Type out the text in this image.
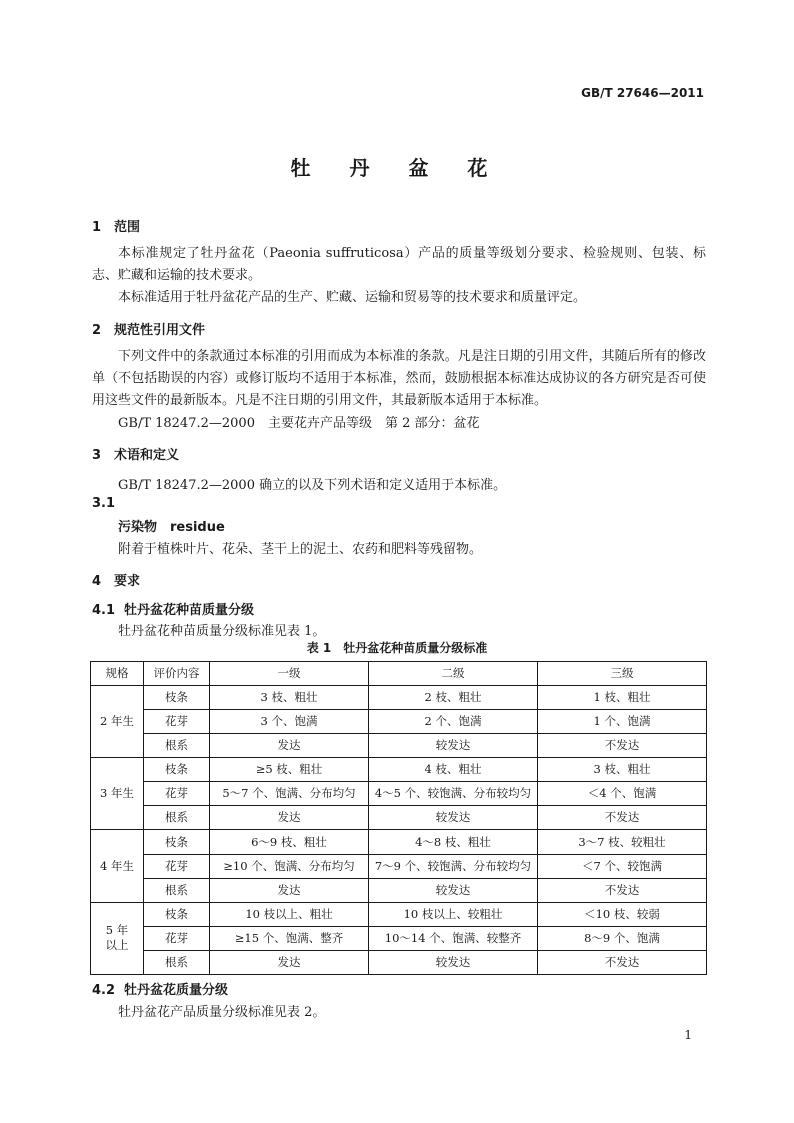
GB/T 27646—2011
牡 丹 盆 花
1 范围
本标准规定了牡丹盆花（Paeonia suffruticosa）产品的质量等级划分要求、检验规则、包装、标志、贮藏和运输的技术要求。
本标准适用于牡丹盆花产品的生产、贮藏、运输和贸易等的技术要求和质量评定。
2 规范性引用文件
下列文件中的条款通过本标准的引用而成为本标准的条款。凡是注日期的引用文件，其随后所有的修改单（不包括勘误的内容）或修订版均不适用于本标准，然而，鼓励根据本标准达成协议的各方研究是否可使用这些文件的最新版本。凡是不注日期的引用文件，其最新版本适用于本标准。
GB/T 18247.2—2000　主要花卉产品等级　第 2 部分：盆花
3 术语和定义
GB/T 18247.2—2000 确立的以及下列术语和定义适用于本标准。
3.1
污染物　residue
附着于植株叶片、花朵、茎干上的泥土、农药和肥料等残留物。
4 要求
4.1 牡丹盆花种苗质量分级
牡丹盆花种苗质量分级标准见表 1。
表 1　牡丹盆花种苗质量分级标准
规格	评价内容	一级	二级	三级
2 年生	枝条	3 枝、粗壮	2 枝、粗壮	1 枝、粗壮
	花芽	3 个、饱满	2 个、饱满	1 个、饱满
	根系	发达	较发达	不发达
3 年生	枝条	≥5 枝、粗壮	4 枝、粗壮	3 枝、粗壮
	花芽	5～7 个、饱满、分布均匀	4～5 个、较饱满、分布较均匀	＜4 个、饱满
	根系	发达	较发达	不发达
4 年生	枝条	6～9 枝、粗壮	4～8 枝、粗壮	3～7 枝、较粗壮
	花芽	≥10 个、饱满、分布均匀	7～9 个、较饱满、分布较均匀	＜7 个、较饱满
	根系	发达	较发达	不发达
5 年以上	枝条	10 枝以上、粗壮	10 枝以上、较粗壮	＜10 枝、较弱
	花芽	≥15 个、饱满、整齐	10～14 个、饱满、较整齐	8～9 个、饱满
	根系	发达	较发达	不发达
4.2 牡丹盆花质量分级
牡丹盆花产品质量分级标准见表 2。
1
